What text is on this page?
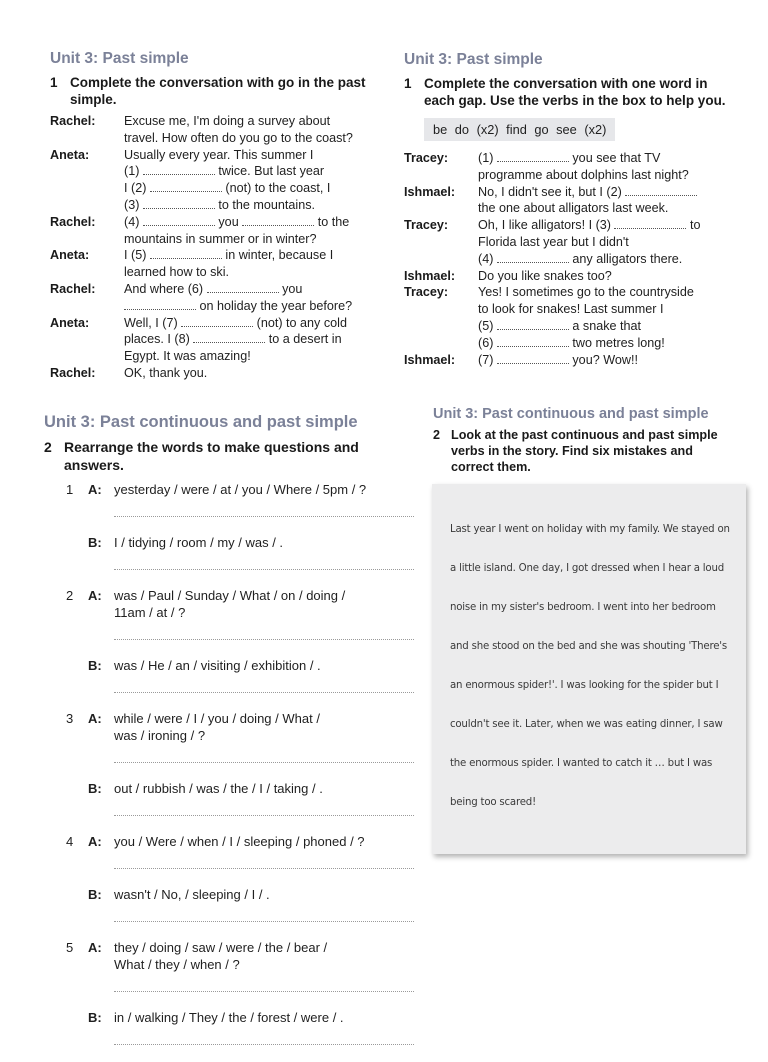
Unit 3: Past simple
1 Complete the conversation with go in the past
simple.
Rachel:	Excuse me, I'm doing a survey about
travel. How often do you go to the coast?
Aneta:	Usually every year. This summer I
(1)	twice. But last year
I (2)	(not) to the coast, I
(3)	to the mountains.
Rachel:	(4)	you	to the
mountains in summer or in winter?
Aneta:	I (5)	in winter, because I
learned how to ski.
Rachel:	And where (6)	you
on holiday the year before?
Aneta:	Well, I (7)	(not) to any cold
places. I (8)	to a desert in
Egypt. It was amazing!
Rachel:	OK, thank you.
Unit 3: Past simple
1 Complete the conversation with one word in
each gap. Use the verbs in the box to help you.
be do (x2) find go see (x2)
Tracey:	(1)	you see that TV
programme about dolphins last night?
Ishmael:	No, I didn't see it, but I (2)
the one about alligators last week.
Tracey:	Oh, I like alligators! I (3)	to
Florida last year but I didn't
(4)	any alligators there.
Ishmael:	Do you like snakes too?
Tracey:	Yes! I sometimes go to the countryside
to look for snakes! Last summer I
(5)	a snake that
(6)	two metres long!
Ishmael:	(7)	you? Wow!!
Unit 3: Past continuous and past simple
2 Rearrange the words to make questions and
answers.
1	A: yesterday / were / at / you / Where / 5pm / ?
B: I / tidying / room / my / was / .
2	A: was / Paul / Sunday / What / on / doing /
11am / at / ?
B: was / He / an / visiting / exhibition / .
3	A: while / were / I / you / doing / What /
was / ironing / ?
B: out / rubbish / was / the / I / taking / .
4	A: you / Were / when / I / sleeping / phoned / ?
B: wasn't / No, / sleeping / I / .
5	A: they / doing / saw / were / the / bear /
What / they / when / ?
B: in / walking / They / the / forest / were / .
Unit 3: Past continuous and past simple
2 Look at the past continuous and past simple
verbs in the story. Find six mistakes and
correct them.
Last year I went on holiday with my family. We stayed on
a little island. One day, I got dressed when I hear a loud
noise in my sister's bedroom. I went into her bedroom
and she stood on the bed and she was shouting 'There's
an enormous spider!'. I was looking for the spider but I
couldn't see it. Later, when we was eating dinner, I saw
the enormous spider. I wanted to catch it … but I was
being too scared!
